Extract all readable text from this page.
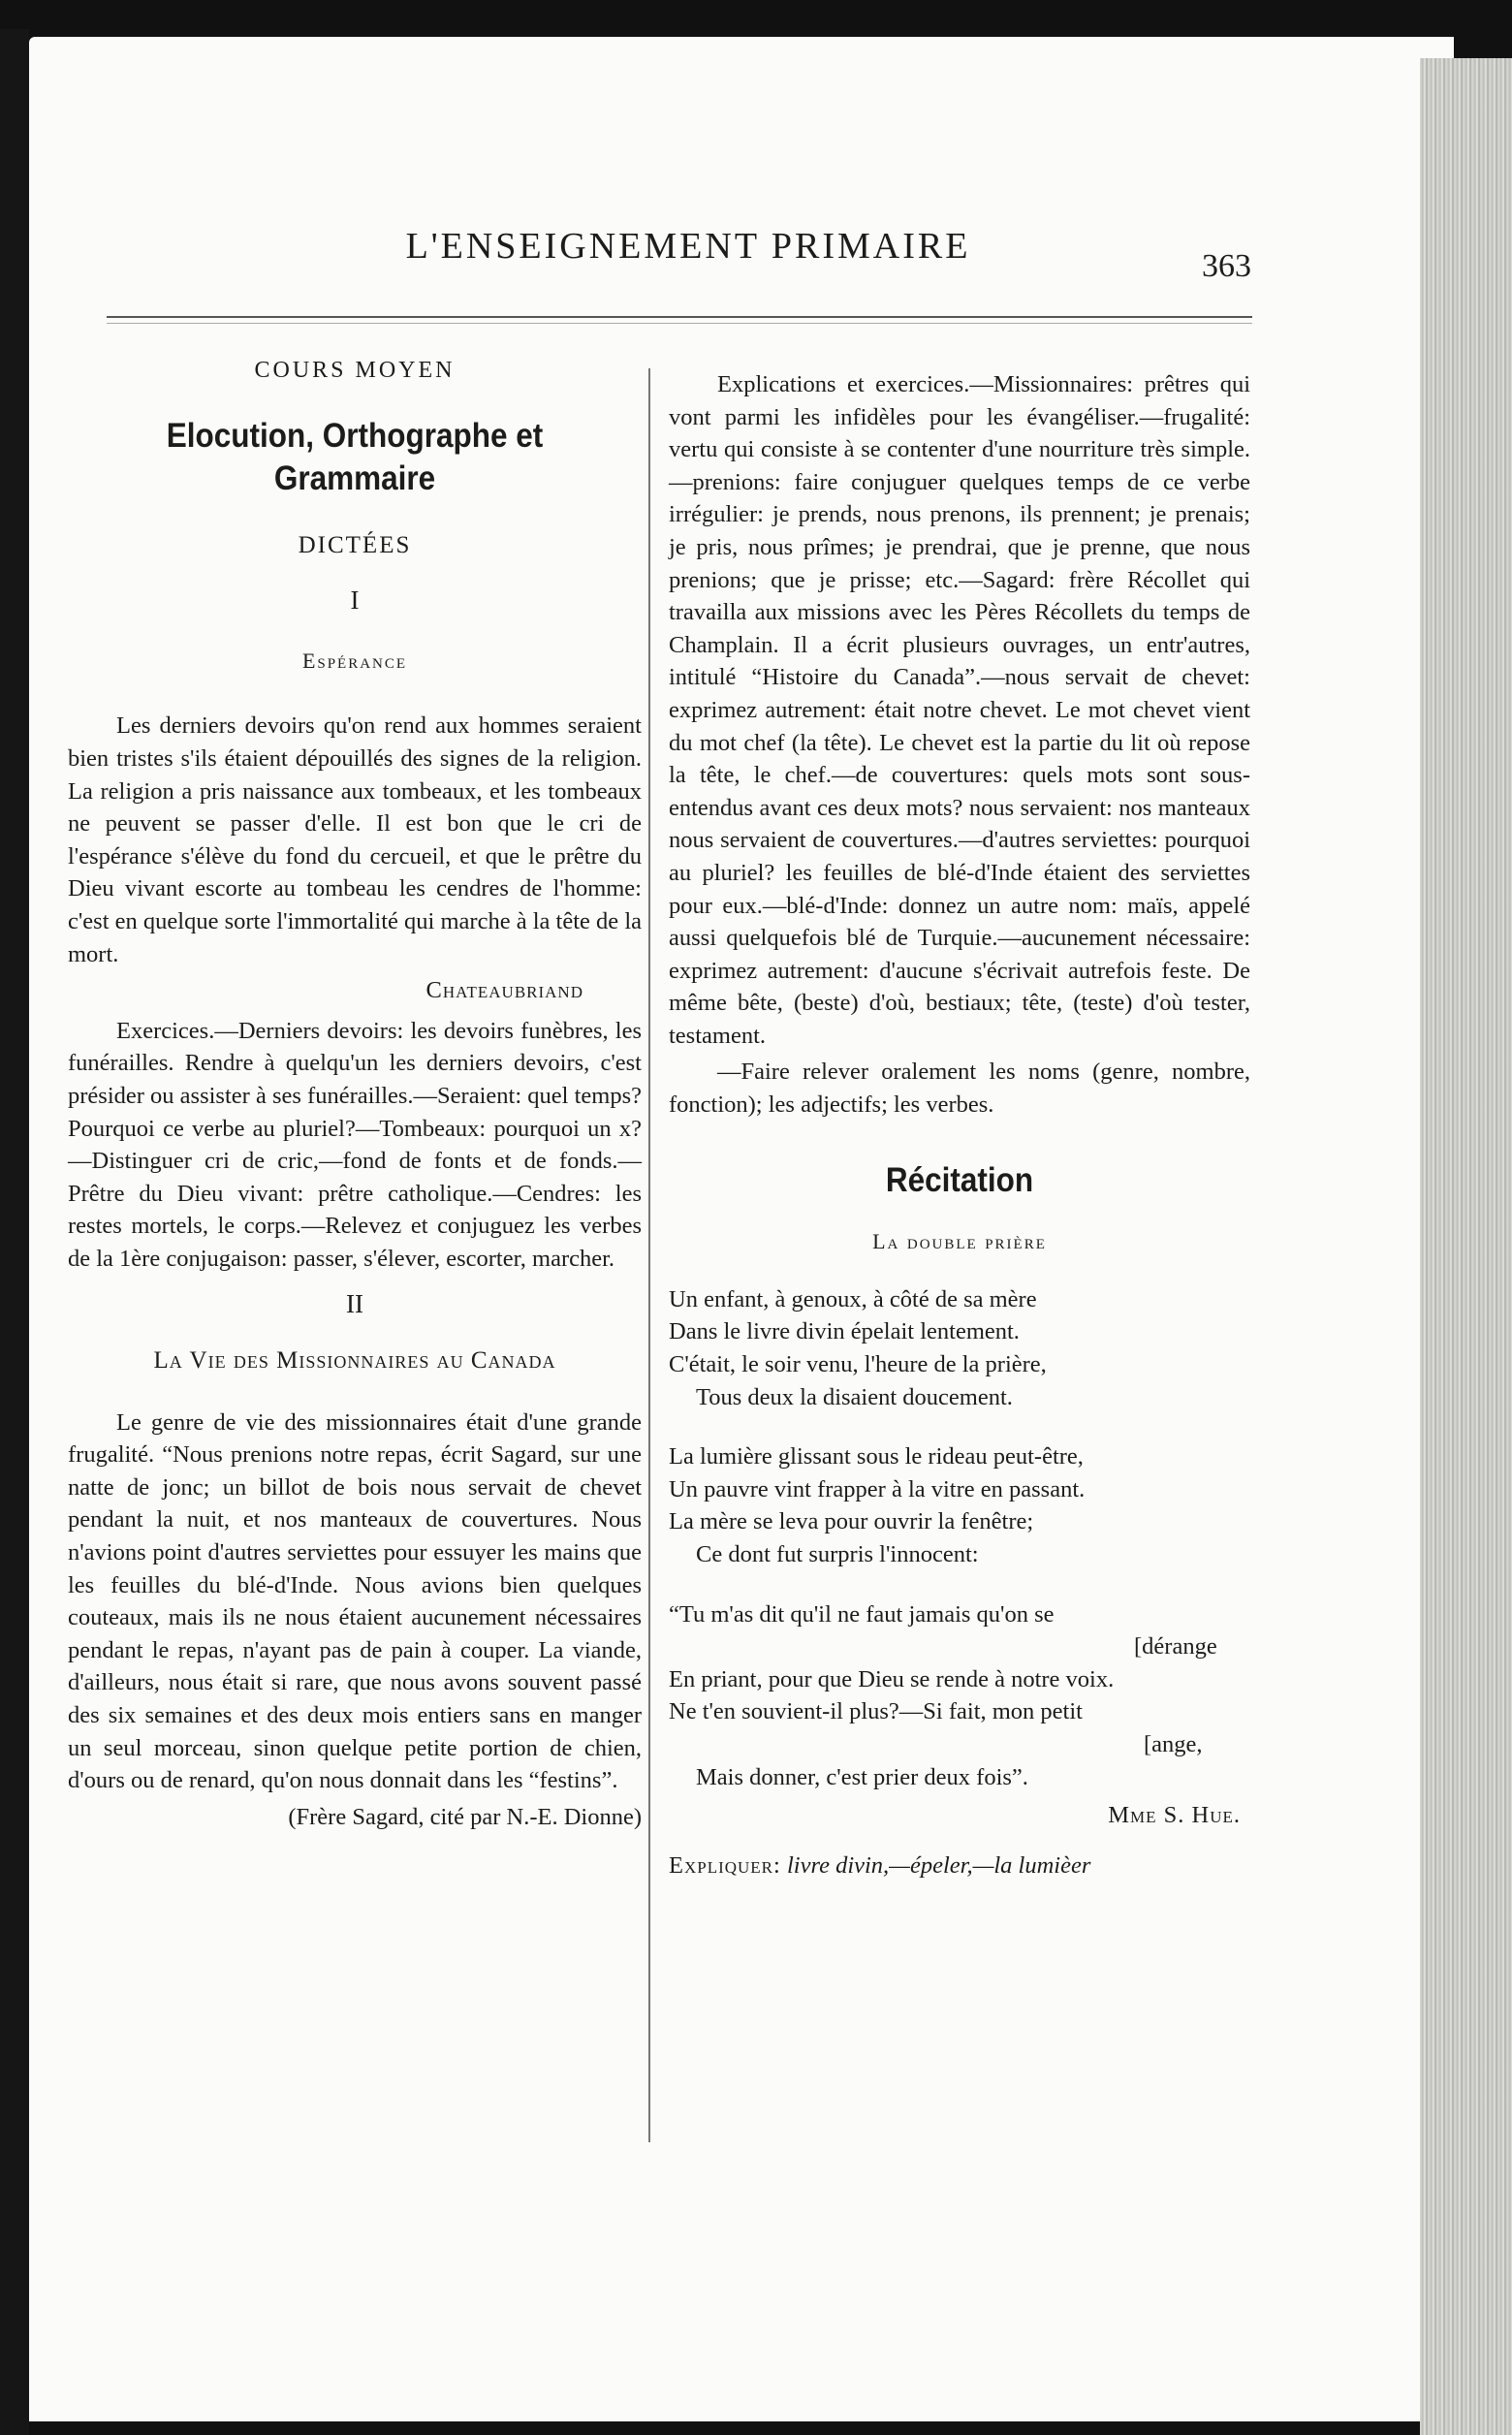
L'ENSEIGNEMENT PRIMAIRE	363
COURS MOYEN
Elocution, Orthographe et Grammaire
DICTÉES
I
Espérance

Les derniers devoirs qu'on rend aux hommes seraient bien tristes s'ils étaient dépouillés des signes de la religion. La religion a pris naissance aux tombeaux, et les tombeaux ne peuvent se passer d'elle. Il est bon que le cri de l'espérance s'élève du fond du cercueil, et que le prêtre du Dieu vivant escorte au tombeau les cendres de l'homme: c'est en quelque sorte l'immortalité qui marche à la tête de la mort.

Chateaubriand

Exercices.—Derniers devoirs: les devoirs funèbres, les funérailles. Rendre à quelqu'un les derniers devoirs, c'est présider ou assister à ses funérailles.—Seraient: quel temps? Pourquoi ce verbe au pluriel?—Tombeaux: pourquoi un x?—Distinguer cri de cric,—fond de fonts et de fonds.—Prêtre du Dieu vivant: prêtre catholique.—Cendres: les restes mortels, le corps.—Relevez et conjuguez les verbes de la 1ère conjugaison: passer, s'élever, escorter, marcher.

II
La Vie des Missionnaires au Canada

Le genre de vie des missionnaires était d'une grande frugalité. “Nous prenions notre repas, écrit Sagard, sur une natte de jonc; un billot de bois nous servait de chevet pendant la nuit, et nos manteaux de couvertures. Nous n'avions point d'autres serviettes pour essuyer les mains que les feuilles du blé-d'Inde. Nous avions bien quelques couteaux, mais ils ne nous étaient aucunement nécessaires pendant le repas, n'ayant pas de pain à couper. La viande, d'ailleurs, nous était si rare, que nous avons souvent passé des six semaines et des deux mois entiers sans en manger un seul morceau, sinon quelque petite portion de chien, d'ours ou de renard, qu'on nous donnait dans les “festins”.

(Frère Sagard, cité par N.-E. Dionne)

Explications et exercices.—Missionnaires: prêtres qui vont parmi les infidèles pour les évangéliser.—frugalité: vertu qui consiste à se contenter d'une nourriture très simple.—prenions: faire conjuguer quelques temps de ce verbe irrégulier: je prends, nous prenons, ils prennent; je prenais; je pris, nous prîmes; je prendrai, que je prenne, que nous prenions; que je prisse; etc.—Sagard: frère Récollet qui travailla aux missions avec les Pères Récollets du temps de Champlain. Il a écrit plusieurs ouvrages, un entr'autres, intitulé “Histoire du Canada”.—nous servait de chevet: exprimez autrement: était notre chevet. Le mot chevet vient du mot chef (la tête). Le chevet est la partie du lit où repose la tête, le chef.—de couvertures: quels mots sont sous-entendus avant ces deux mots? nous servaient: nos manteaux nous servaient de couvertures.—d'autres serviettes: pourquoi au pluriel? les feuilles de blé-d'Inde étaient des serviettes pour eux.—blé-d'Inde: donnez un autre nom: maïs, appelé aussi quelquefois blé de Turquie.—aucunement nécessaire: exprimez autrement: d'aucune s'écrivait autrefois feste. De même bête, (beste) d'où, bestiaux; tête, (teste) d'où tester, testament.

—Faire relever oralement les noms (genre, nombre, fonction); les adjectifs; les verbes.

Récitation
La double prière
Un enfant, à genoux, à côté de sa mère
Dans le livre divin épelait lentement.
C'était, le soir venu, l'heure de la prière,
Tous deux la disaient doucement.
La lumière glissant sous le rideau peut-être,
Un pauvre vint frapper à la vitre en passant.
La mère se leva pour ouvrir la fenêtre;
Ce dont fut surpris l'innocent:
“Tu m'as dit qu'il ne faut jamais qu'on se
[dérange
En priant, pour que Dieu se rende à notre voix.
Ne t'en souvient-il plus?—Si fait, mon petit
[ange,
Mais donner, c'est prier deux fois”.
Mme S. Hue.

Expliquer: livre divin,—épeler,—la lumièer
